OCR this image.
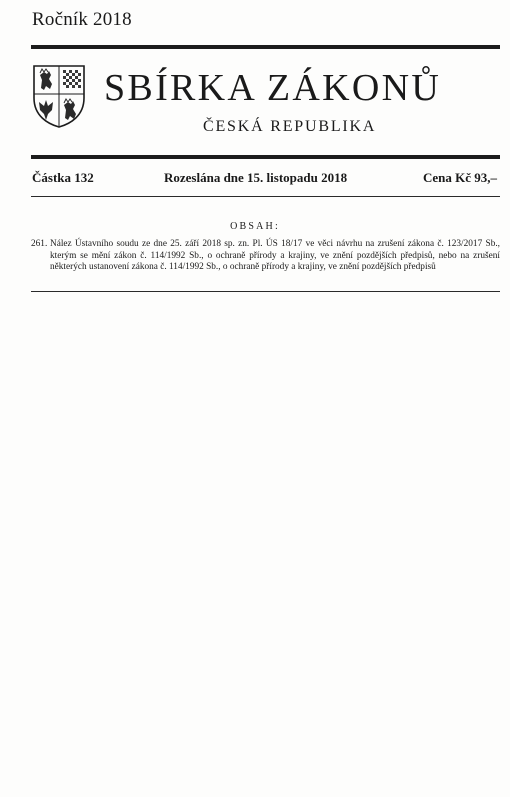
Ročník 2018
SBÍRKA ZÁKONŮ
ČESKÁ REPUBLIKA
Částka 132	Rozeslána dne 15. listopadu 2018	Cena Kč 93,–
OBSAH:
261. Nález Ústavního soudu ze dne 25. září 2018 sp. zn. Pl. ÚS 18/17 ve věci návrhu na zrušení zákona č. 123/2017 Sb., kterým se mění zákon č. 114/1992 Sb., o ochraně přírody a krajiny, ve znění pozdějších předpisů, nebo na zrušení některých ustanovení zákona č. 114/1992 Sb., o ochraně přírody a krajiny, ve znění pozdějších předpisů
